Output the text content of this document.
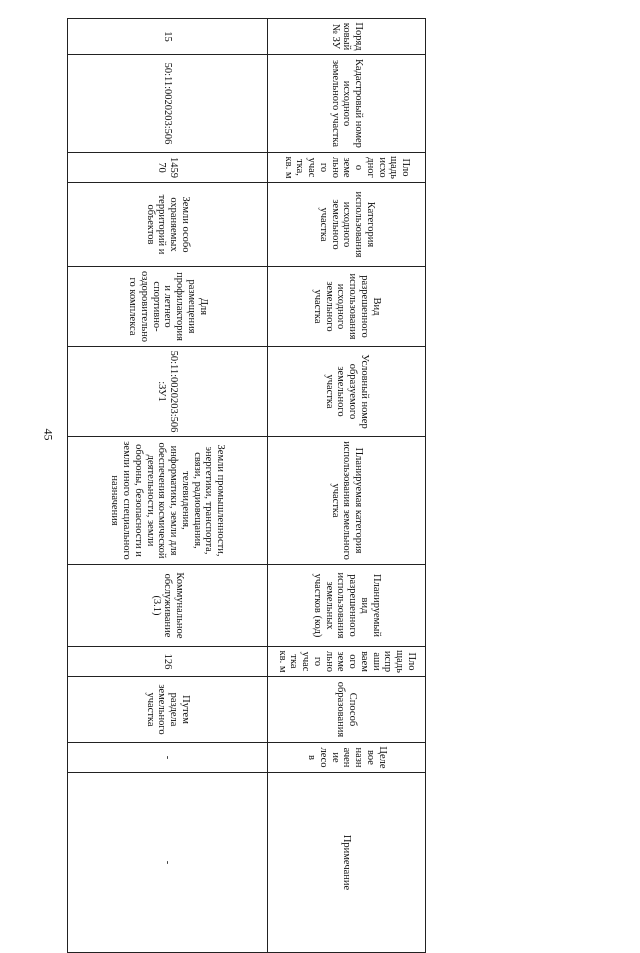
45
Порядковый № ЗУ	Кадастровый номер исходного земельного участка	Площадь исходного земельного участка, кв. м	Категория использования исходного земельного участка	Вид разрешенного использования исходного земельного участка	Условный номер образуемого земельного участка	Планируемая категория использования земельного участка	Планируемый вид разрешенного использования земельных участков (код)	Площадь испрашиваемого земельного участка кв. м	Способ образования	Целевое назначение лесов	Примечание

15	50:11:0020203:506	145970	Земли особо охраняемых территорий и объектов	Для размещения профилактория и летнего спортивно-оздоровительного комплекса	50:11:0020203:506:ЗУ1	Земли промышленности, энергетики, транспорта, связи, радиовещания, телевидения, информатики, земли для обеспечения космической деятельности, земли обороны, безопасности и земли иного специального назначения	Коммунальное обслуживание (3.1)	126	Путем раздела земельного участка	-	-
